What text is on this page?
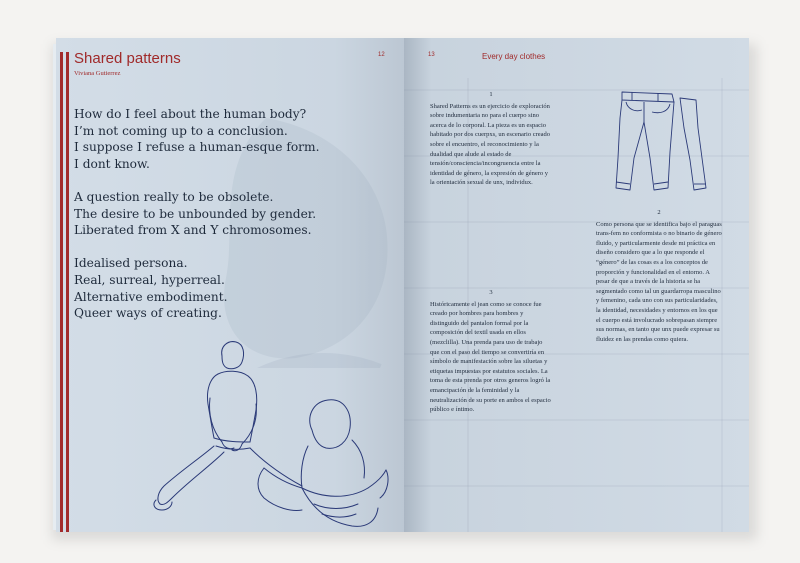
Shared patterns
Viviana Gutierrez
12
How do I feel about the human body?
I’m not coming up to a conclusion.
I suppose I refuse a human-esque form.
I dont know.
A question really to be obsolete.
The desire to be unbounded by gender.
Liberated from X and Y chromosomes.
Idealised persona.
Real, surreal, hyperreal.
Alternative embodiment.
Queer ways of creating.
13	Every day clothes
1

Shared Patterns es un ejercicio de exploración sobre indumentaria no para el cuerpo sino acerca de lo corporal. La pieza es un espacio habitado por dos cuerpxs, un escenario creado sobre el encuentro, el reconocimiento y la dualidad que alude al estado de tensión/consciencia/incongruencia entre la identidad de género, la expresión de género y la orientación sexual de unx, individux.

2

Como persona que se identifica bajo el paraguas trans-fem no conformista o no binario de género fluido, y particularmente desde mi práctica en diseño considero que a lo que responde el “género” de las cosas es a los conceptos de proporción y funcionalidad en el entorno. A pesar de que a través de la historia se ha segmentado como tal un guardarropa masculino y femenino, cada uno con sus particularidades, la identidad, necesidades y entornos en los que el cuerpo está involucrado sobrepasan siempre sus normas, en tanto que unx puede expresar su fluidez en las prendas como quiera.

3

Históricamente el jean como se conoce fue creado por hombres para hombres y distinguido del pantalon formal por la composición del textil usada en ellos (mezclilla). Una prenda para uso de trabajo que con el paso del tiempo se convertiría en símbolo de manifestación sobre las siluetas y etiquetas impuestas por estatutos sociales. La toma de esta prenda por otros generos logró la emancipación de la feminidad y la neutralización de su porte en ambos el espacio público e íntimo.
